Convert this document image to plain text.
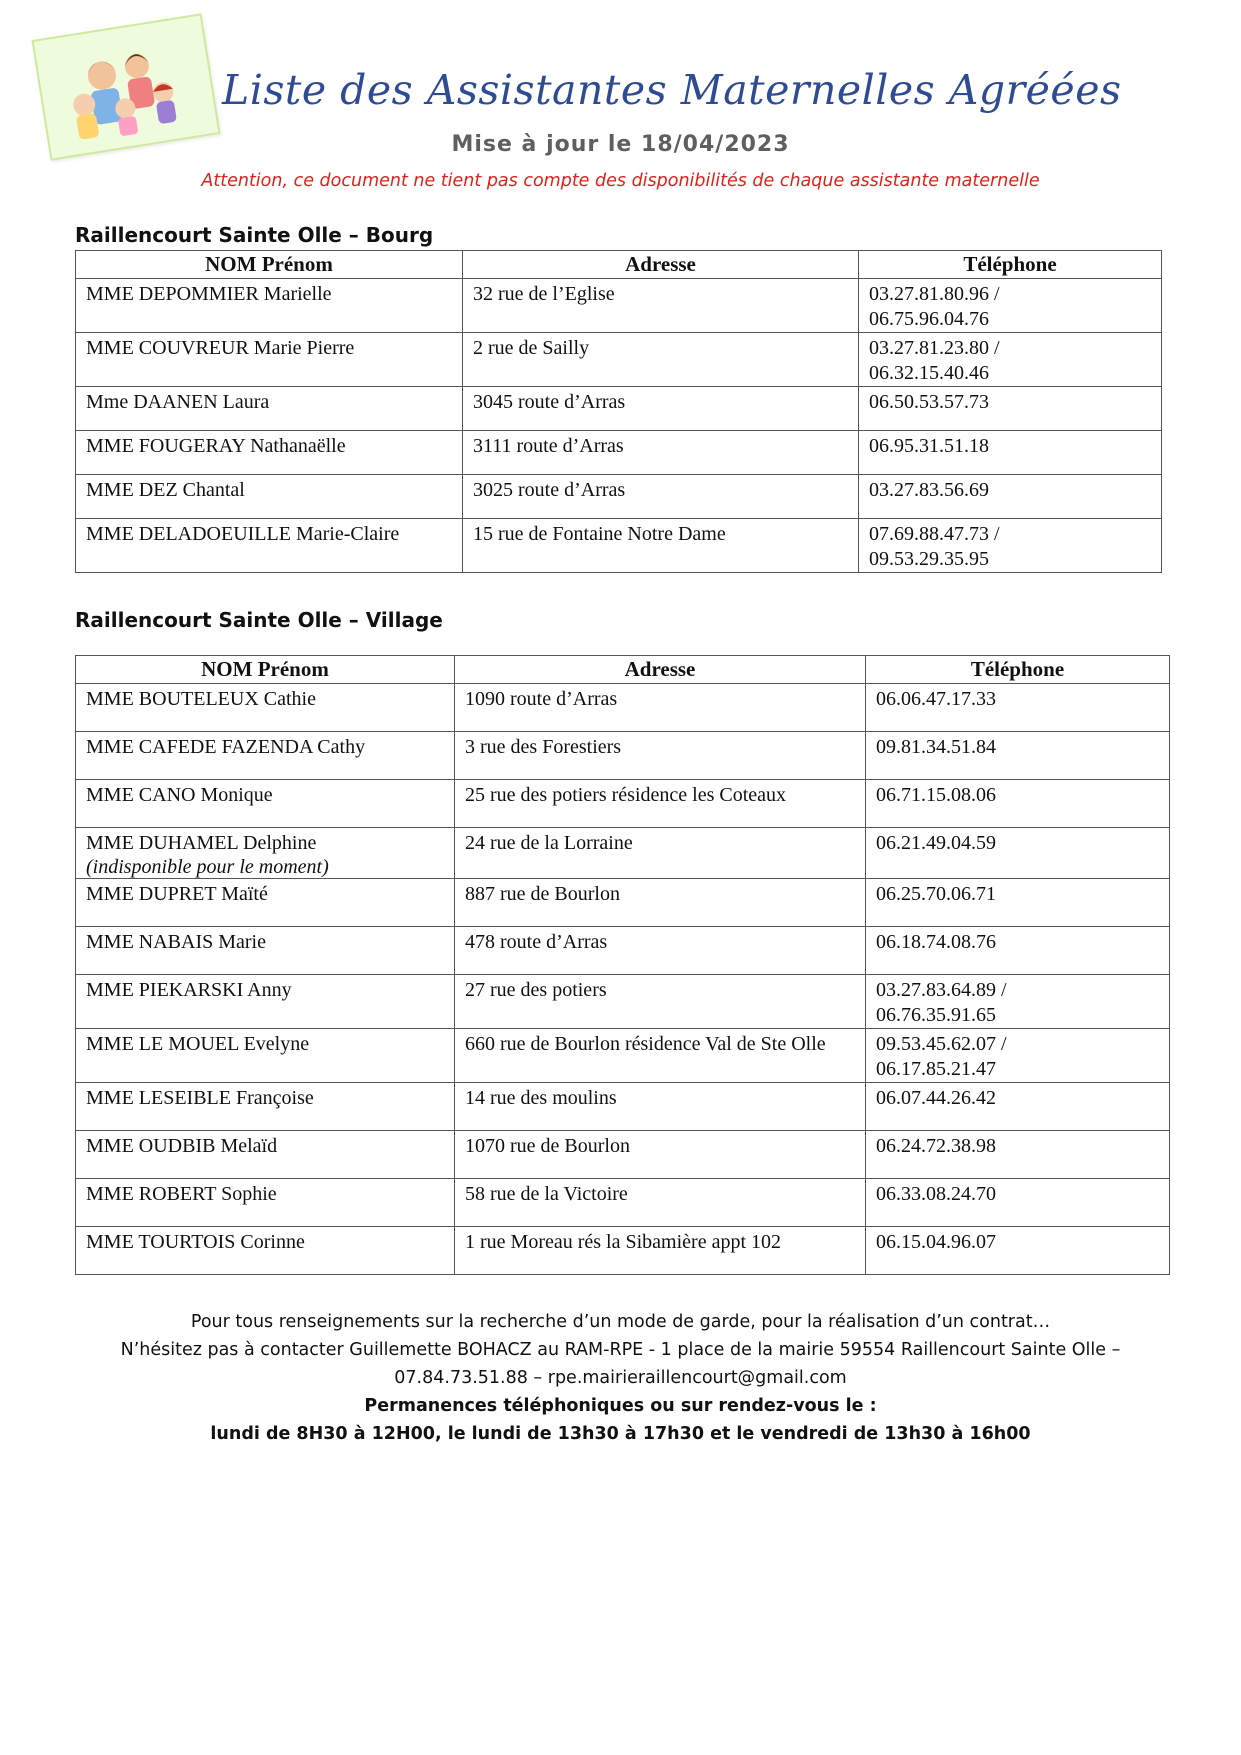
Liste des Assistantes Maternelles Agréées
Mise à jour le 18/04/2023
Attention, ce document ne tient pas compte des disponibilités de chaque assistante maternelle
Raillencourt Sainte Olle – Bourg
NOM Prénom	Adresse	Téléphone
MME DEPOMMIER Marielle	32 rue de l’Eglise	03.27.81.80.96 /
06.75.96.04.76

MME COUVREUR Marie Pierre	2 rue de Sailly	03.27.81.23.80 /
06.32.15.40.46

Mme DAANEN Laura	3045 route d’Arras	06.50.53.57.73

MME FOUGERAY Nathanaëlle	3111 route d’Arras	06.95.31.51.18

MME DEZ Chantal	3025 route d’Arras	03.27.83.56.69

MME DELADOEUILLE Marie-Claire	15 rue de Fontaine Notre Dame	07.69.88.47.73 /
09.53.29.35.95
Raillencourt Sainte Olle – Village
NOM Prénom	Adresse	Téléphone
MME BOUTELEUX Cathie	1090 route d’Arras	06.06.47.17.33

MME CAFEDE FAZENDA Cathy	3 rue des Forestiers	09.81.34.51.84

MME CANO Monique	25 rue des potiers résidence les Coteaux	06.71.15.08.06

MME DUHAMEL Delphine
(indisponible pour le moment)	24 rue de la Lorraine	06.21.49.04.59

MME DUPRET Maïté	887 rue de Bourlon	06.25.70.06.71

MME NABAIS Marie	478 route d’Arras	06.18.74.08.76

MME PIEKARSKI Anny	27 rue des potiers	03.27.83.64.89 /
06.76.35.91.65

MME LE MOUEL Evelyne	660 rue de Bourlon résidence Val de Ste Olle	09.53.45.62.07 /
06.17.85.21.47

MME LESEIBLE Françoise	14 rue des moulins	06.07.44.26.42

MME OUDBIB Melaïd	1070 rue de Bourlon	06.24.72.38.98

MME ROBERT Sophie	58 rue de la Victoire	06.33.08.24.70

MME TOURTOIS Corinne	1 rue Moreau rés la Sibamière appt 102	06.15.04.96.07
Pour tous renseignements sur la recherche d’un mode de garde, pour la réalisation d’un contrat…
N’hésitez pas à contacter Guillemette BOHACZ au RAM-RPE - 1 place de la mairie 59554 Raillencourt Sainte Olle –
07.84.73.51.88 – rpe.mairieraillencourt@gmail.com
Permanences téléphoniques ou sur rendez-vous le :
lundi de 8H30 à 12H00, le lundi de 13h30 à 17h30 et le vendredi de 13h30 à 16h00
